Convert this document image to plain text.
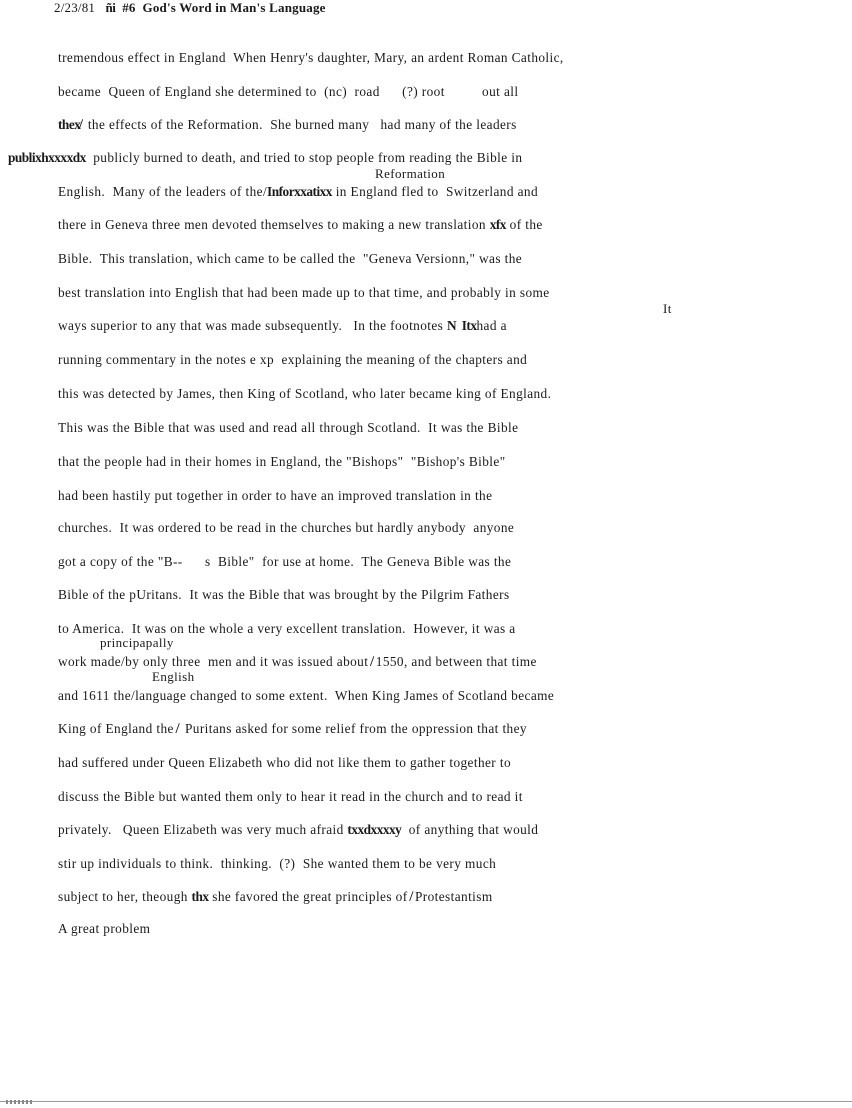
2/23/81 ñi #6 God's Word in Man's Language
tremendous effect in England  When Henry's daughter, Mary, an ardent Roman Catholic,
became  Queen of England she determined to  (nc)  road      (?) root          out all
thex̸ the effects of the Reformation.  She burned many   had many of the leaders
publixhxxxxdx publicly burned to death, and tried to stop people from reading the Bible in
Reformation
English.  Many of the leaders of the/Inforxxatixx in England fled to  Switzerland and
there in Geneva three men devoted themselves to making a new translation xfx of the
Bible.  This translation, which came to be called the  "Geneva Versionn," was the
best translation into English that had been made up to that time, and probably in some
It
ways superior to any that was made subsequently.   In the footnotes N  Itxhad a
running commentary in the notes e xp  explaining the meaning of the chapters and
this was detected by James, then King of Scotland, who later became king of England.
This was the Bible that was used and read all through Scotland.  It was the Bible
that the people had in their homes in England, the "Bishops"  "Bishop's Bible"
had been hastily put together in order to have an improved translation in the
churches.  It was ordered to be read in the churches but hardly anybody  anyone
got a copy of the "B--      s  Bible"  for use at home.  The Geneva Bible was the
Bible of the pUritans.  It was the Bible that was brought by the Pilgrim Fathers
to America.  It was on the whole a very excellent translation.  However, it was a
principapally
work made/by only three  men and it was issued about  1550, and between that time
English
and 1611 the/language changed to some extent.  When King James of Scotland became
King of England the   Puritans asked for some relief from the oppression that they
had suffered under Queen Elizabeth who did not like them to gather together to
discuss the Bible but wanted them only to hear it read in the church and to read it
privately.   Queen Elizabeth was very much afraid txxdxxxxy  of anything that would
stir up individuals to think.  thinking.  (?)  She wanted them to be very much
subject to her, theough thx she favored the great principles of  Protestantism
A great problem
